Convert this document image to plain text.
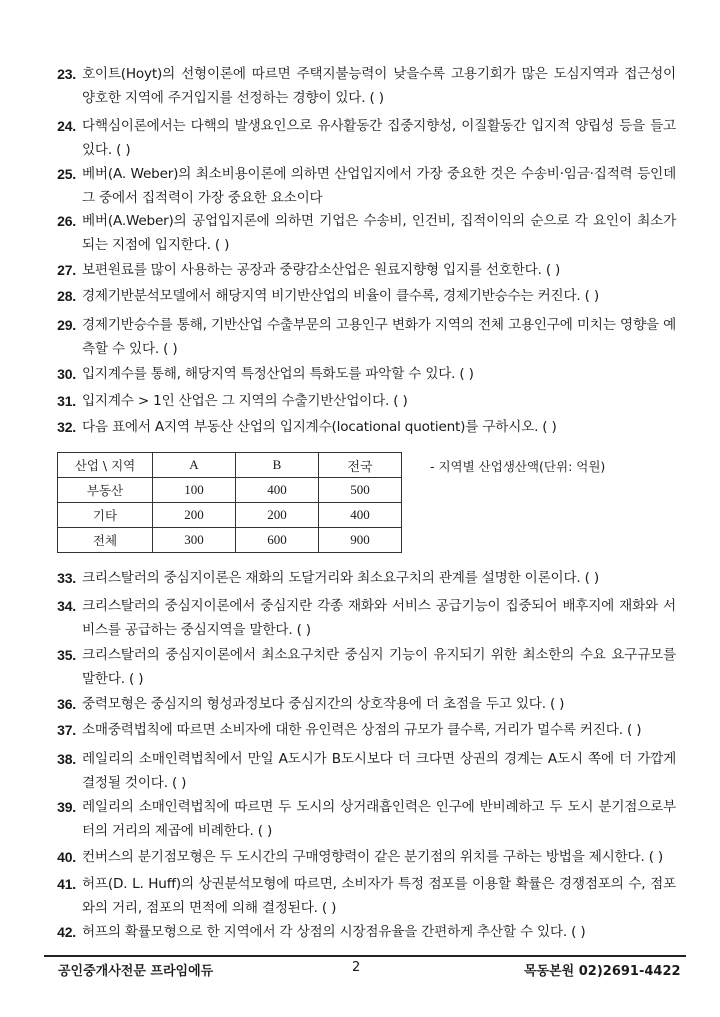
23. 호이트(Hoyt)의 선형이론에 따르면 주택지불능력이 낮을수록 고용기회가 많은 도심지역과 접근성이 양호한 지역에 주거입지를 선정하는 경향이 있다. ( )
24. 다핵심이론에서는 다핵의 발생요인으로 유사활동간 집중지향성, 이질활동간 입지적 양립성 등을 들고 있다. ( )
25. 베버(A. Weber)의 최소비용이론에 의하면 산업입지에서 가장 중요한 것은 수송비·임금·집적력 등인데 그 중에서 집적력이 가장 중요한 요소이다
26. 베버(A.Weber)의 공업입지론에 의하면 기업은 수송비, 인건비, 집적이익의 순으로 각 요인이 최소가 되는 지점에 입지한다. ( )
27. 보편원료를 많이 사용하는 공장과 중량감소산업은 원료지향형 입지를 선호한다. ( )
28. 경제기반분석모델에서 해당지역 비기반산업의 비율이 클수록, 경제기반승수는 커진다. ( )
29. 경제기반승수를 통해, 기반산업 수출부문의 고용인구 변화가 지역의 전체 고용인구에 미치는 영향을 예측할 수 있다. ( )
30. 입지계수를 통해, 해당지역 특정산업의 특화도를 파악할 수 있다. ( )
31. 입지계수 > 1인 산업은 그 지역의 수출기반산업이다. ( )
32. 다음 표에서 A지역 부동산 산업의 입지계수(locational quotient)를 구하시오. ( )
산업 \ 지역	A	B	전국
부동산	100	400	500
기타	200	200	400
전체	300	600	900
- 지역별 산업생산액(단위: 억원)
33. 크리스탈러의 중심지이론은 재화의 도달거리와 최소요구치의 관계를 설명한 이론이다. ( )
34. 크리스탈러의 중심지이론에서 중심지란 각종 재화와 서비스 공급기능이 집중되어 배후지에 재화와 서비스를 공급하는 중심지역을 말한다. ( )
35. 크리스탈러의 중심지이론에서 최소요구치란 중심지 기능이 유지되기 위한 최소한의 수요 요구규모를 말한다. ( )
36. 중력모형은 중심지의 형성과정보다 중심지간의 상호작용에 더 초점을 두고 있다. ( )
37. 소매중력법칙에 따르면 소비자에 대한 유인력은 상점의 규모가 클수록, 거리가 멀수록 커진다. ( )
38. 레일리의 소매인력법칙에서 만일 A도시가 B도시보다 더 크다면 상권의 경계는 A도시 쪽에 더 가깝게 결정될 것이다. ( )
39. 레일리의 소매인력법칙에 따르면 두 도시의 상거래흡인력은 인구에 반비례하고 두 도시 분기점으로부터의 거리의 제곱에 비례한다. ( )
40. 컨버스의 분기점모형은 두 도시간의 구매영향력이 같은 분기점의 위치를 구하는 방법을 제시한다. ( )
41. 허프(D. L. Huff)의 상권분석모형에 따르면, 소비자가 특정 점포를 이용할 확률은 경쟁점포의 수, 점포와의 거리, 점포의 면적에 의해 결정된다. ( )
42. 허프의 확률모형으로 한 지역에서 각 상점의 시장점유율을 간편하게 추산할 수 있다. ( )
공인중개사전문 프라임에듀	2	목동본원 02)2691-4422
